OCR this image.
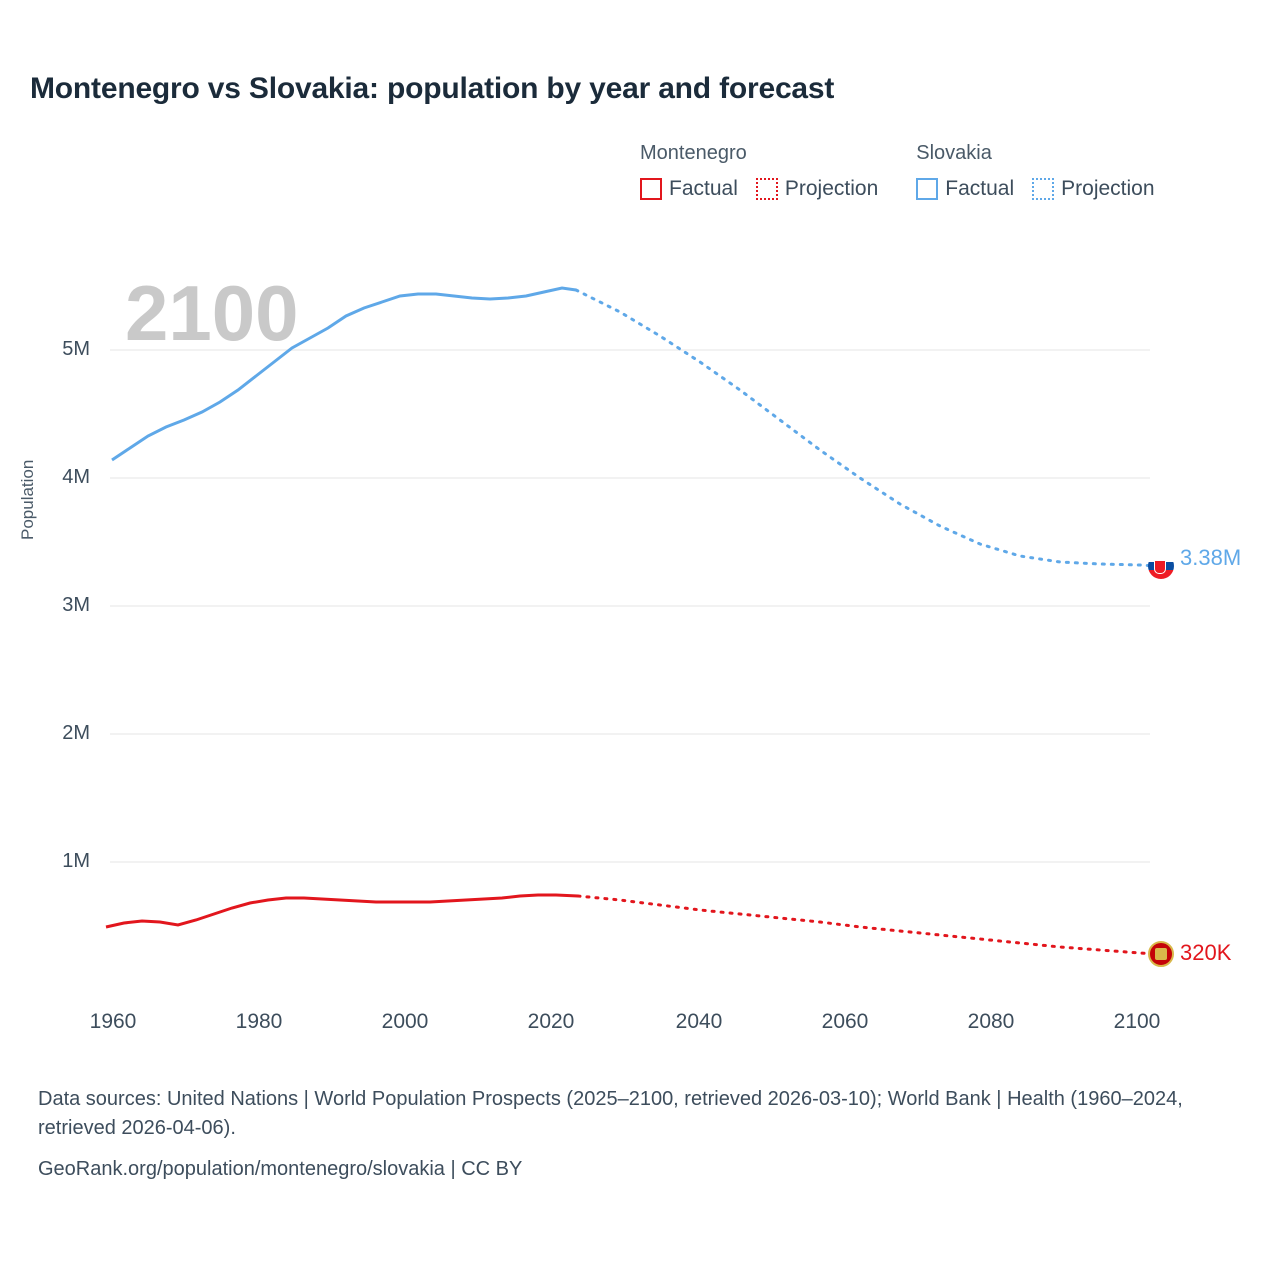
Montenegro vs Slovakia: population by year and forecast
Montenegro
Factual Projection
Slovakia
Factual Projection
2100
Population
1M
2M
3M
4M
5M
1960	1980	2000	2020	2040	2060	2080	2100
3.38M
320K
Data sources: United Nations | World Population Prospects (2025–2100, retrieved 2026-03-10); World Bank | Health (1960–2024, retrieved 2026-04-06).
GeoRank.org/population/montenegro/slovakia | CC BY
